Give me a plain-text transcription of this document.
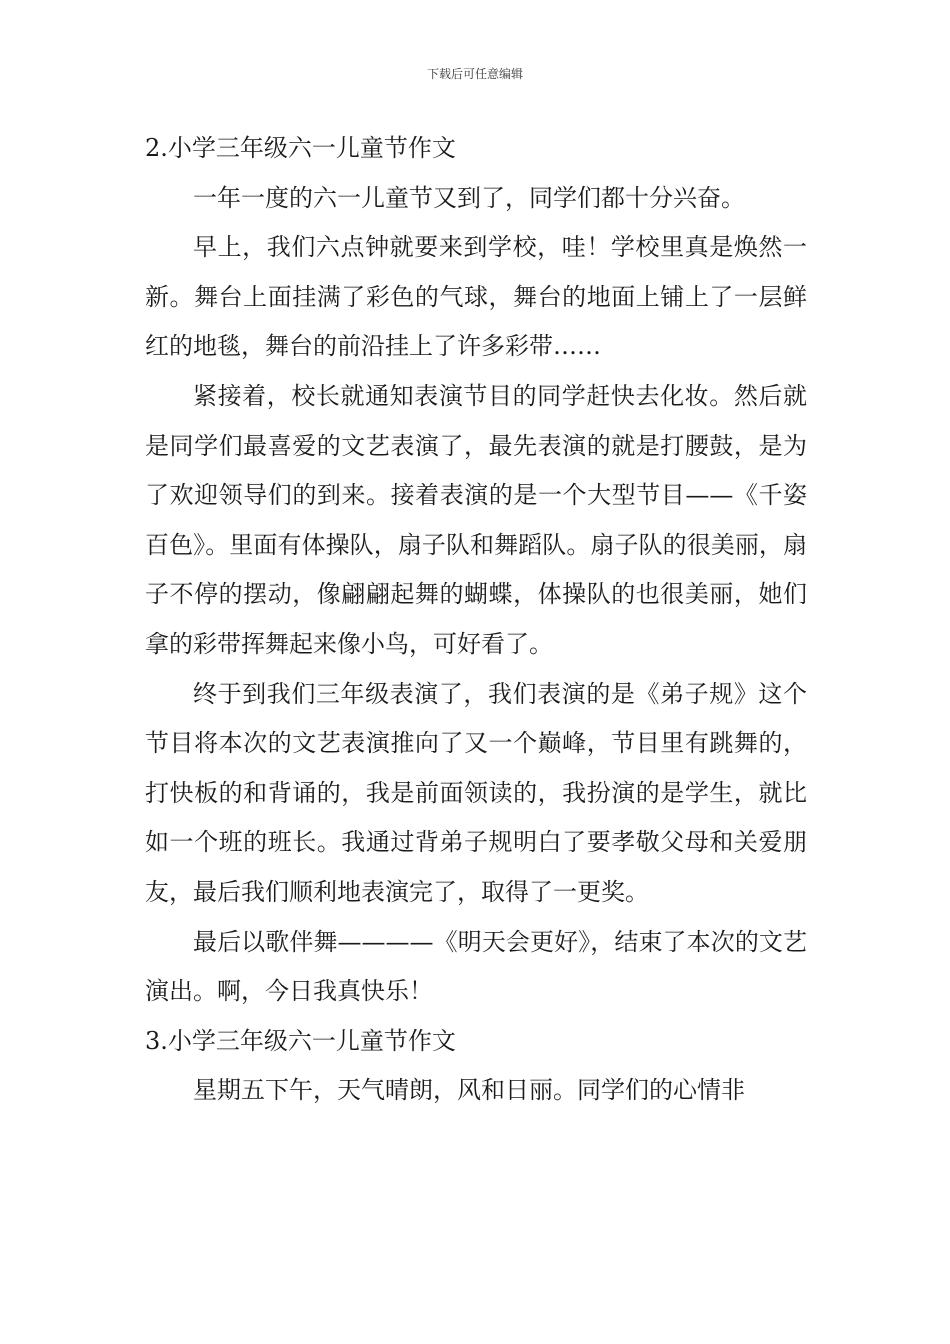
下载后可任意编辑

2.小学三年级六一儿童节作文

一年一度的六一儿童节又到了，同学们都十分兴奋。

早上，我们六点钟就要来到学校，哇！学校里真是焕然一新。舞台上面挂满了彩色的气球，舞台的地面上铺上了一层鲜红的地毯，舞台的前沿挂上了许多彩带……

紧接着，校长就通知表演节目的同学赶快去化妆。然后就是同学们最喜爱的文艺表演了，最先表演的就是打腰鼓，是为了欢迎领导们的到来。接着表演的是一个大型节目——《千姿百色》。里面有体操队，扇子队和舞蹈队。扇子队的很美丽，扇子不停的摆动，像翩翩起舞的蝴蝶，体操队的也很美丽，她们拿的彩带挥舞起来像小鸟，可好看了。

终于到我们三年级表演了，我们表演的是《弟子规》这个节目将本次的文艺表演推向了又一个巅峰，节目里有跳舞的，打快板的和背诵的，我是前面领读的，我扮演的是学生，就比如一个班的班长。我通过背弟子规明白了要孝敬父母和关爱朋友，最后我们顺利地表演完了，取得了一更奖。

最后以歌伴舞————《明天会更好》，结束了本次的文艺演出。啊，今日我真快乐！

3.小学三年级六一儿童节作文

星期五下午，天气晴朗，风和日丽。同学们的心情非
